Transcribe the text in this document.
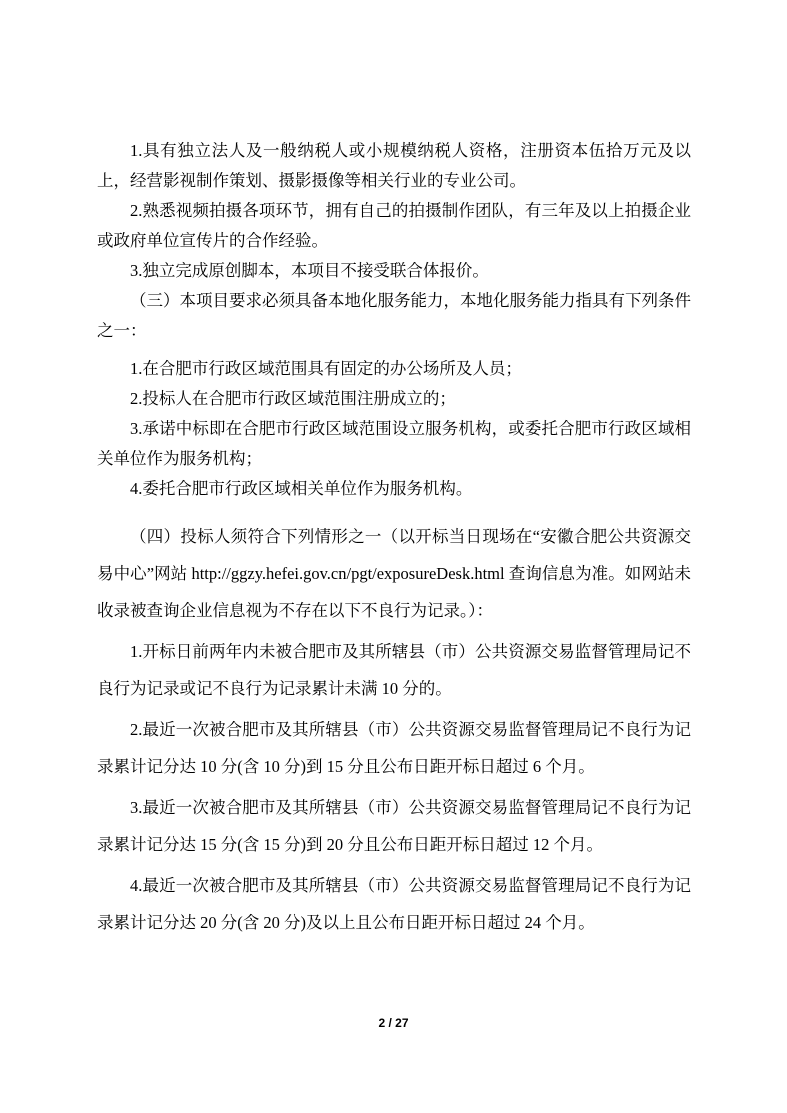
1.具有独立法人及一般纳税人或小规模纳税人资格，注册资本伍拾万元及以上，经营影视制作策划、摄影摄像等相关行业的专业公司。

2.熟悉视频拍摄各项环节，拥有自己的拍摄制作团队，有三年及以上拍摄企业或政府单位宣传片的合作经验。

3.独立完成原创脚本，本项目不接受联合体报价。

（三）本项目要求必须具备本地化服务能力，本地化服务能力指具有下列条件之一：

1.在合肥市行政区域范围具有固定的办公场所及人员；

2.投标人在合肥市行政区域范围注册成立的；

3.承诺中标即在合肥市行政区域范围设立服务机构，或委托合肥市行政区域相关单位作为服务机构；

4.委托合肥市行政区域相关单位作为服务机构。

（四）投标人须符合下列情形之一（以开标当日现场在“安徽合肥公共资源交易中心”网站 http://ggzy.hefei.gov.cn/pgt/exposureDesk.html 查询信息为准。如网站未收录被查询企业信息视为不存在以下不良行为记录。）：

1.开标日前两年内未被合肥市及其所辖县（市）公共资源交易监督管理局记不良行为记录或记不良行为记录累计未满 10 分的。

2.最近一次被合肥市及其所辖县（市）公共资源交易监督管理局记不良行为记录累计记分达 10 分(含 10 分)到 15 分且公布日距开标日超过 6 个月。

3.最近一次被合肥市及其所辖县（市）公共资源交易监督管理局记不良行为记录累计记分达 15 分(含 15 分)到 20 分且公布日距开标日超过 12 个月。

4.最近一次被合肥市及其所辖县（市）公共资源交易监督管理局记不良行为记录累计记分达 20 分(含 20 分)及以上且公布日距开标日超过 24 个月。

2 / 27
